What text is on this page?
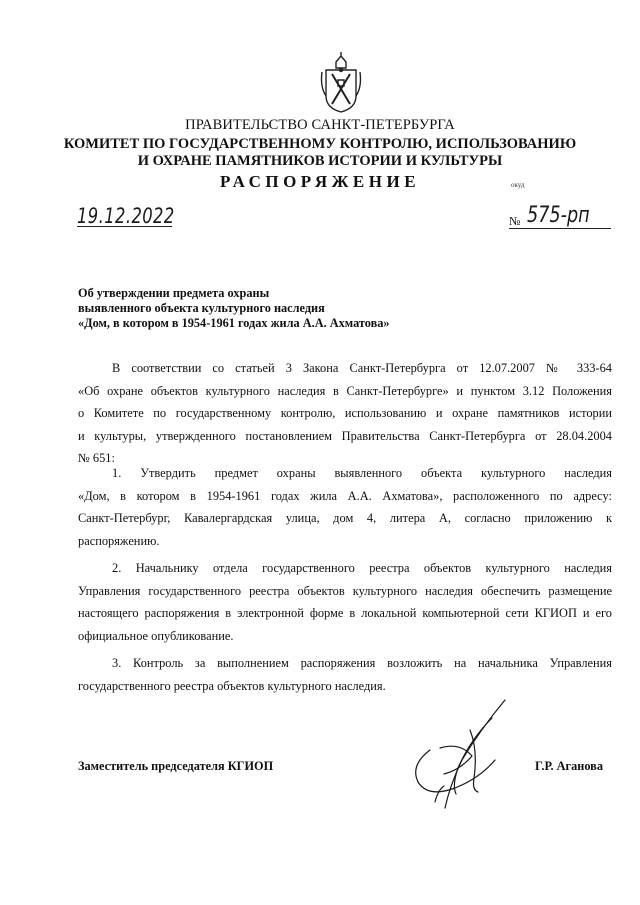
ПРАВИТЕЛЬСТВО САНКТ-ПЕТЕРБУРГА
КОМИТЕТ ПО ГОСУДАРСТВЕННОМУ КОНТРОЛЮ, ИСПОЛЬЗОВАНИЮ
И ОХРАНЕ ПАМЯТНИКОВ ИСТОРИИ И КУЛЬТУРЫ
РАСПОРЯЖЕНИЕ	окуд
19.12.2022	№ 575-рп
Об утверждении предмета охраны
выявленного объекта культурного наследия
«Дом, в котором в 1954-1961 годах жила А.А. Ахматова»
В соответствии со статьей 3 Закона Санкт-Петербурга от 12.07.2007 № 333-64
«Об охране объектов культурного наследия в Санкт-Петербурге» и пунктом 3.12 Положения
о Комитете по государственному контролю, использованию и охране памятников истории
и культуры, утвержденного постановлением Правительства Санкт-Петербурга от 28.04.2004
№ 651:
1. Утвердить предмет охраны выявленного объекта культурного наследия
«Дом, в котором в 1954-1961 годах жила А.А. Ахматова», расположенного по адресу:
Санкт-Петербург, Кавалергардская улица, дом 4, литера А, согласно приложению к
распоряжению.
2. Начальнику отдела государственного реестра объектов культурного наследия
Управления государственного реестра объектов культурного наследия обеспечить размещение
настоящего распоряжения в электронной форме в локальной компьютерной сети КГИОП и его
официальное опубликование.
3. Контроль за выполнением распоряжения возложить на начальника Управления
государственного реестра объектов культурного наследия.
Заместитель председателя КГИОП	Г.Р. Аганова
